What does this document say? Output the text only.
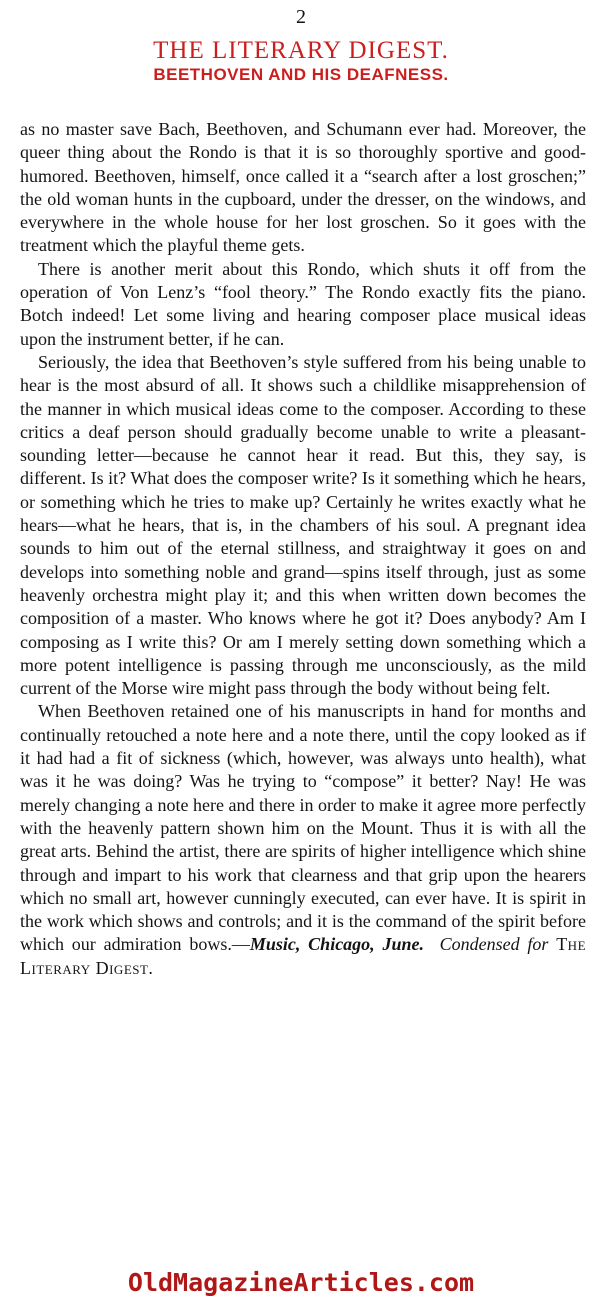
2
THE LITERARY DIGEST.
BEETHOVEN AND HIS DEAFNESS.

as no master save Bach, Beethoven, and Schumann ever had. Moreover, the queer thing about the Rondo is that it is so thoroughly sportive and good-humored. Beethoven, himself, once called it a “search after a lost groschen;” the old woman hunts in the cupboard, under the dresser, on the windows, and everywhere in the whole house for her lost groschen. So it goes with the treatment which the playful theme gets.

There is another merit about this Rondo, which shuts it off from the operation of Von Lenz’s “fool theory.” The Rondo exactly fits the piano. Botch indeed! Let some living and hearing composer place musical ideas upon the instrument better, if he can.

Seriously, the idea that Beethoven’s style suffered from his being unable to hear is the most absurd of all. It shows such a childlike misapprehension of the manner in which musical ideas come to the composer. According to these critics a deaf person should gradually become unable to write a pleasant-sounding letter—because he cannot hear it read. But this, they say, is different. Is it? What does the composer write? Is it something which he hears, or something which he tries to make up? Certainly he writes exactly what he hears—what he hears, that is, in the chambers of his soul. A pregnant idea sounds to him out of the eternal stillness, and straightway it goes on and develops into something noble and grand—spins itself through, just as some heavenly orchestra might play it; and this when written down becomes the composition of a master. Who knows where he got it? Does anybody? Am I composing as I write this? Or am I merely setting down something which a more potent intelligence is passing through me unconsciously, as the mild current of the Morse wire might pass through the body without being felt.

When Beethoven retained one of his manuscripts in hand for months and continually retouched a note here and a note there, until the copy looked as if it had had a fit of sickness (which, however, was always unto health), what was it he was doing? Was he trying to “compose” it better? Nay! He was merely changing a note here and there in order to make it agree more perfectly with the heavenly pattern shown him on the Mount. Thus it is with all the great arts. Behind the artist, there are spirits of higher intelligence which shine through and impart to his work that clearness and that grip upon the hearers which no small art, however cunningly executed, can ever have. It is spirit in the work which shows and controls; and it is the command of the spirit before which our admiration bows.—Music, Chicago, June. Condensed for The Literary Digest.

OldMagazineArticles.com
